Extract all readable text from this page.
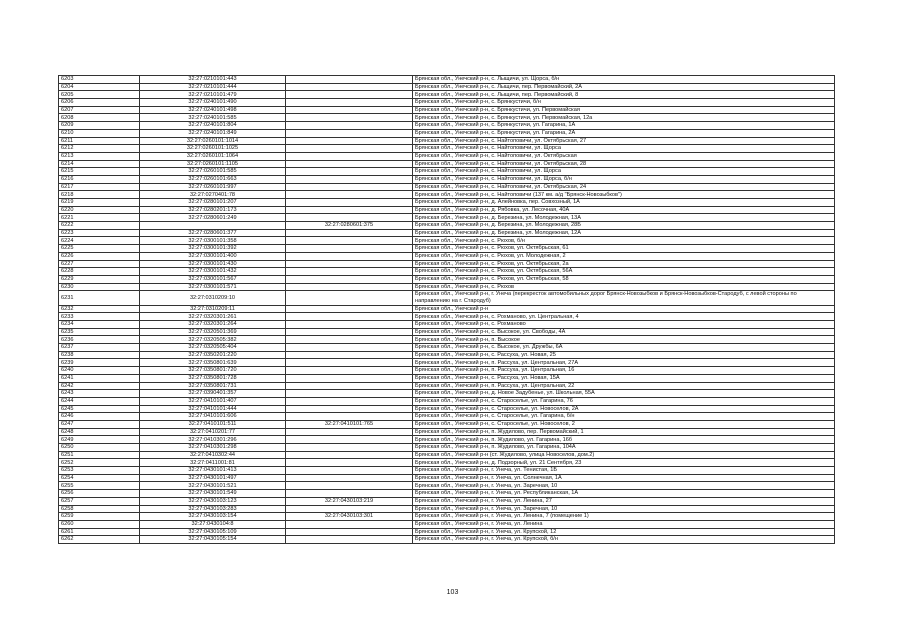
6203	32:27:0210101:443		Брянская обл., Унечский р-н, с. Лыщичи, ул. Щорса, б/н
6204	32:27:0210101:444		Брянская обл., Унечский р-н, с. Лыщичи, пер. Первомайский, 2А
6205	32:27:0210101:479		Брянская обл., Унечский р-н, с. Лыщичи, пер. Первомайский, 8
6206	32:27:0240101:490		Брянская обл., Унечский р-н, с. Брянкустичи, б/н
6207	32:27:0240101:498		Брянская обл., Унечский р-н, с. Брянкустичи, ул. Первомайская
6208	32:27:0240101:585		Брянская обл., Унечский р-н, с. Брянкустичи, ул. Первомайская, 12а
6209	32:27:0240101:804		Брянская обл., Унечский р-н, с. Брянкустичи, ул. Гагарина, 1А
6210	32:27:0240101:849		Брянская обл., Унечский р-н, с. Брянкустичи, ул. Гагарина, 2А
6211	32:27:0260101:1014		Брянская обл., Унечский р-н, с. Найтоповичи, ул. Октябрьская, 27
6212	32:27:0260101:1025		Брянская обл., Унечский р-н, с. Найтоповичи, ул. Щорса
6213	32:27:0260101:1064		Брянская обл., Унечский р-н, с. Найтоповичи, ул. Октябрьская
6214	32:27:0260101:1105		Брянская обл., Унечский р-н, с. Найтоповичи, ул. Октябрьская, 28
6215	32:27:0260101:585		Брянская обл., Унечский р-н, с. Найтоповичи, ул. Щорса
6216	32:27:0260101:663		Брянская обл., Унечский р-н, с. Найтоповичи, ул. Щорса, б/н
6217	32:27:0260101:997		Брянская обл., Унечский р-н, с. Найтоповичи, ул. Октябрьская, 24
6218	32:27:0270401:78		Брянская обл., Унечский р-н, с. Найтоповичи (137 км. а/д "Брянск-Новозыбков")
6219	32:27:0280101:207		Брянская обл., Унечский р-н, д. Алейновка, пер. Совхозный, 1А
6220	32:27:0280201:173		Брянская обл., Унечский р-н, д. Рябовка, ул. Лесочная, 40А
6221	32:27:0280601:249		Брянская обл., Унечский р-н, д. Березина, ул. Молодежная, 13А
6222		32:27:0280601:375	Брянская обл., Унечский р-н, д. Березина, ул. Молодежная, 28Б
6223	32:27:0280601:377		Брянская обл., Унечский р-н, д. Березина, ул. Молодежная, 12А
6224	32:27:0300101:358		Брянская обл., Унечский р-н, с. Рюхов, б/н
6225	32:27:0300101:392		Брянская обл., Унечский р-н, с. Рюхов, ул. Октябрьская, 61
6226	32:27:0300101:400		Брянская обл., Унечский р-н, с. Рюхов, ул. Молодежная, 2
6227	32:27:0300101:430		Брянская обл., Унечский р-н, с. Рюхов, ул. Октябрьская, 2а
6228	32:27:0300101:432		Брянская обл., Унечский р-н, с. Рюхов, ул. Октябрьская, 56А
6229	32:27:0300101:567		Брянская обл., Унечский р-н, с. Рюхов, ул. Октябрьская, 58
6230	32:27:0300101:571		Брянская обл., Унечский р-н, с. Рюхов
6231	32:27:0310209:10		Брянская обл., Унечский р-н, г. Унеча (перекресток автомобильных дорог Брянск-Новозыбков и Брянск-Новозыбков-Стародуб, с левой стороны по направлению на г. Стародуб)
6232	32:27:0310209:11		Брянская обл., Унечский р-н
6233	32:27:0320301:261		Брянская обл., Унечский р-н, с. Рохманово, ул. Центральная, 4
6234	32:27:0320301:264		Брянская обл., Унечский р-н, с. Рохманово
6235	32:27:0320501:369		Брянская обл., Унечский р-н, с. Высокое, ул. Свободы, 4А
6236	32:27:0320505:382		Брянская обл., Унечский р-н, п. Высокое
6237	32:27:0320505:404		Брянская обл., Унечский р-н, с. Высокое, ул. Дружбы, 6А
6238	32:27:0350201:220		Брянская обл., Унечский р-н, с. Рассуха, ул. Новая, 25
6239	32:27:0350801:639		Брянская обл., Унечский р-н, п. Рассуха, ул. Центральная, 27А
6240	32:27:0350801:720		Брянская обл., Унечский р-н, п. Рассуха, ул. Центральная, 16
6241	32:27:0350801:728		Брянская обл., Унечский р-н, с. Рассуха, ул. Новая, 15А
6242	32:27:0350801:731		Брянская обл., Унечский р-н, п. Рассуха, ул. Центральная, 22
6243	32:27:0390401:357		Брянская обл., Унечский р-н, д. Новое Задубенье, ул. Школьная, 55А
6244	32:27:0410101:407		Брянская обл., Унечский р-н, с. Староселье, ул. Гагарина, 76
6245	32:27:0410101:444		Брянская обл., Унечский р-н, с. Староселье, ул. Новоселов, 2А
6246	32:27:0410101:606		Брянская обл., Унечский р-н, с. Староселье, ул. Гагарина, б/н
6247	32:27:0410101:511	32:27:0410101:765	Брянская обл., Унечский р-н, с. Староселье, ул. Новоселов, 2
6248	32:27:0410201:77		Брянская обл., Унечский р-н, п. Жудилово, пер. Первомайский, 1
6249	32:27:0410301:296		Брянская обл., Унечский р-н, п. Жудилово, ул. Гагарина, 16б
6250	32:27:0410301:298		Брянская обл., Унечский р-н, п. Жудилово, ул. Гагарина, 104А
6251	32:27:0410302:44		Брянская обл., Унечский р-н (ст. Жудилово, улица Новоселов, дом.2)
6252	32:27:0411001:81		Брянская обл., Унечский р-н, д. Подзорный, ул. 21 Сентября, 23
6253	32:27:0430101:413		Брянская обл., Унечский р-н, г. Унеча, ул. Тенистая, 1Б
6254	32:27:0430101:497		Брянская обл., Унечский р-н, г. Унеча, ул. Солнечная, 1А
6255	32:27:0430101:521		Брянская обл., Унечский р-н, г. Унеча, ул. Заречная, 10
6256	32:27:0430101:549		Брянская обл., Унечский р-н, г. Унеча, ул. Республиканская, 1А
6257	32:27:0430103:123	32:27:0430103:219	Брянская обл., Унечский р-н, г. Унеча, ул. Ленина, 27
6258	32:27:0430103:283		Брянская обл., Унечский р-н, г. Унеча, ул. Заречная, 10
6259	32:27:0430103:154	32:27:0430103:301	Брянская обл., Унечский р-н, г. Унеча, ул. Ленина, 7 (помещение 1)
6260	32:27:0430104:8		Брянская обл., Унечский р-н, г. Унеча, ул. Ленина
6261	32:27:0430105:109		Брянская обл., Унечский р-н, г. Унеча, ул. Крупской, 12
6262	32:27:0430105:154		Брянская обл., Унечский р-н, г. Унеча, ул. Крупской, б/н
103
